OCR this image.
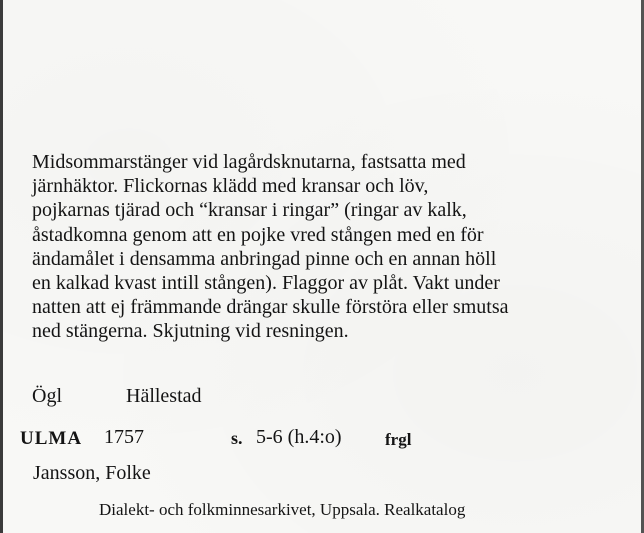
Midsommarstänger vid lagårdsknutarna, fastsatta med
järnhäktor. Flickornas klädd med kransar och löv,
pojkarnas tjärad och “kransar i ringar” (ringar av kalk,
åstadkomna genom att en pojke vred stången med en för
ändamålet i densamma anbringad pinne och en annan höll
en kalkad kvast intill stången). Flaggor av plåt. Vakt under
natten att ej främmande drängar skulle förstöra eller smutsa
ned stängerna. Skjutning vid resningen.

Ögl	Hällestad
ULMA 1757	s. 5-6 (h.4:o)	frgl
Jansson, Folke
Dialekt- och folkminnesarkivet, Uppsala. Realkatalog
